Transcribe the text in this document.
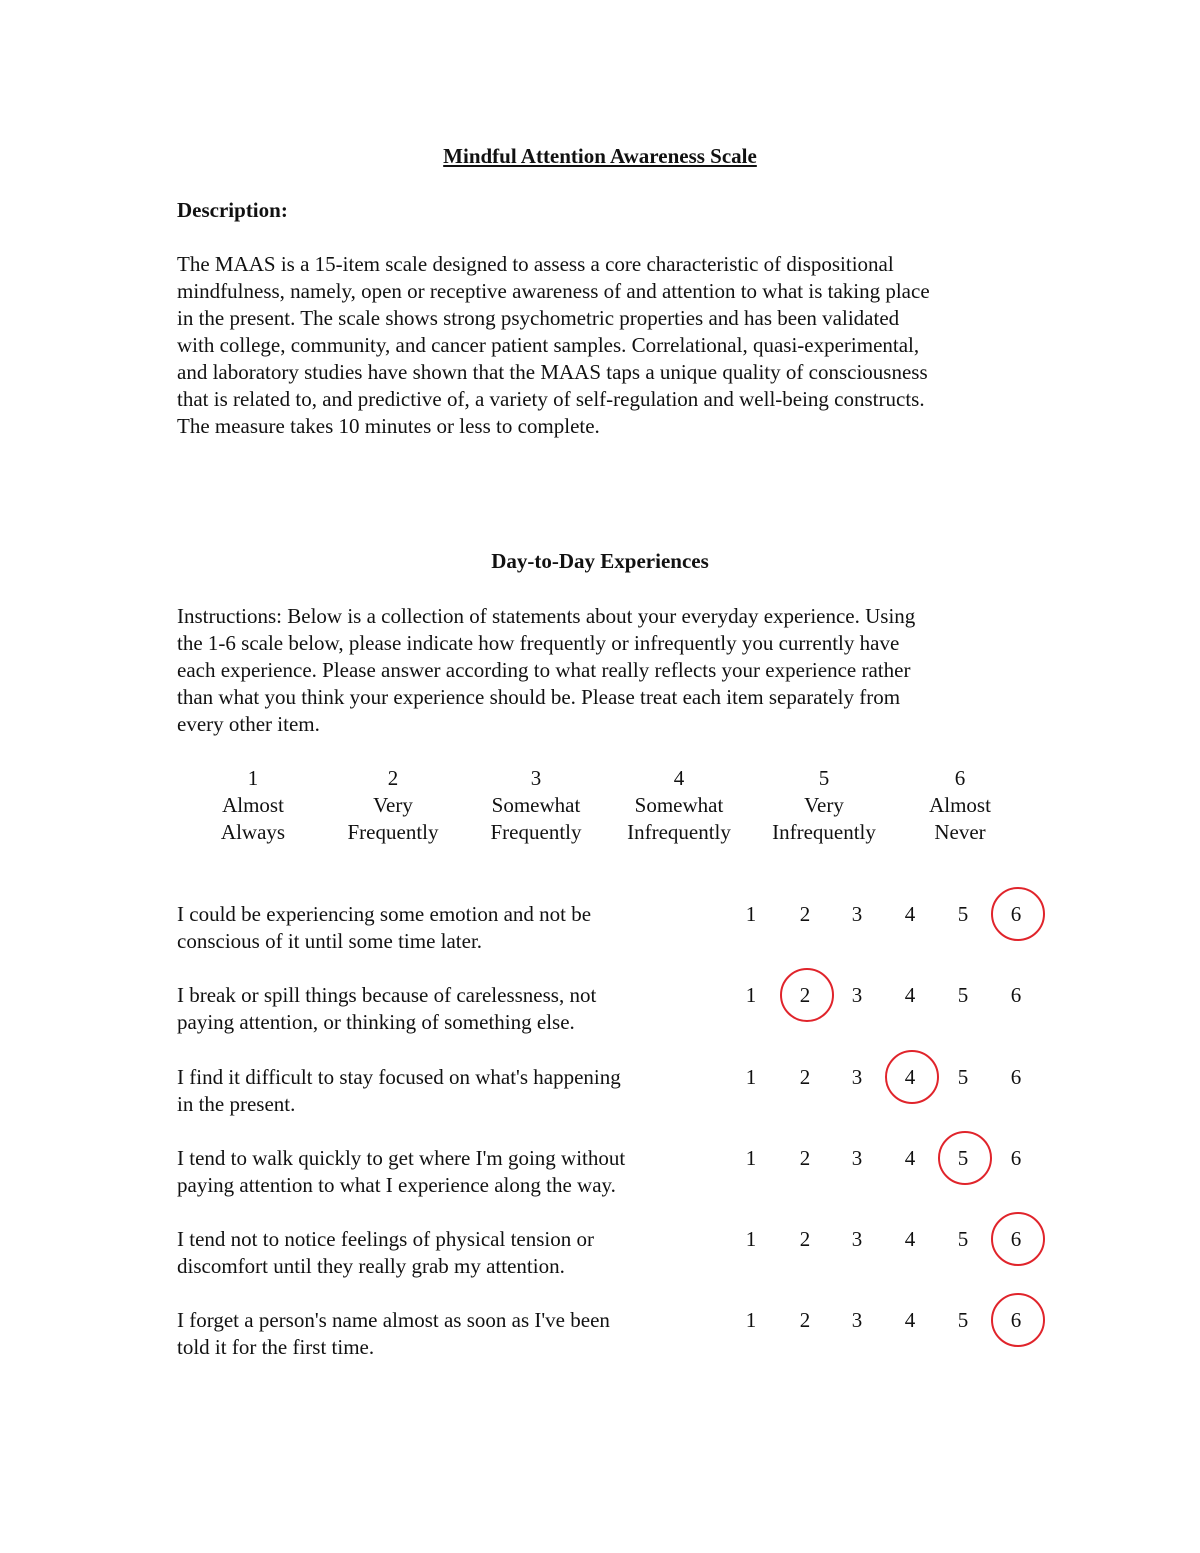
Mindful Attention Awareness Scale
Description:
The MAAS is a 15-item scale designed to assess a core characteristic of dispositional
mindfulness, namely, open or receptive awareness of and attention to what is taking place
in the present. The scale shows strong psychometric properties and has been validated
with college, community, and cancer patient samples. Correlational, quasi-experimental,
and laboratory studies have shown that the MAAS taps a unique quality of consciousness
that is related to, and predictive of, a variety of self-regulation and well-being constructs.
The measure takes 10 minutes or less to complete.
Day-to-Day Experiences
Instructions: Below is a collection of statements about your everyday experience. Using
the 1-6 scale below, please indicate how frequently or infrequently you currently have
each experience. Please answer according to what really reflects your experience rather
than what you think your experience should be. Please treat each item separately from
every other item.
1
Almost
Always
2
Very
Frequently
3
Somewhat
Frequently
4
Somewhat
Infrequently
5
Very
Infrequently
6
Almost
Never
I could be experiencing some emotion and not be
conscious of it until some time later.
1	2	3	4	5	6
I break or spill things because of carelessness, not
paying attention, or thinking of something else.
1	2	3	4	5	6
I find it difficult to stay focused on what's happening
in the present.
1	2	3	4	5	6
I tend to walk quickly to get where I'm going without
paying attention to what I experience along the way.
1	2	3	4	5	6
I tend not to notice feelings of physical tension or
discomfort until they really grab my attention.
1	2	3	4	5	6
I forget a person's name almost as soon as I've been
told it for the first time.
1	2	3	4	5	6
